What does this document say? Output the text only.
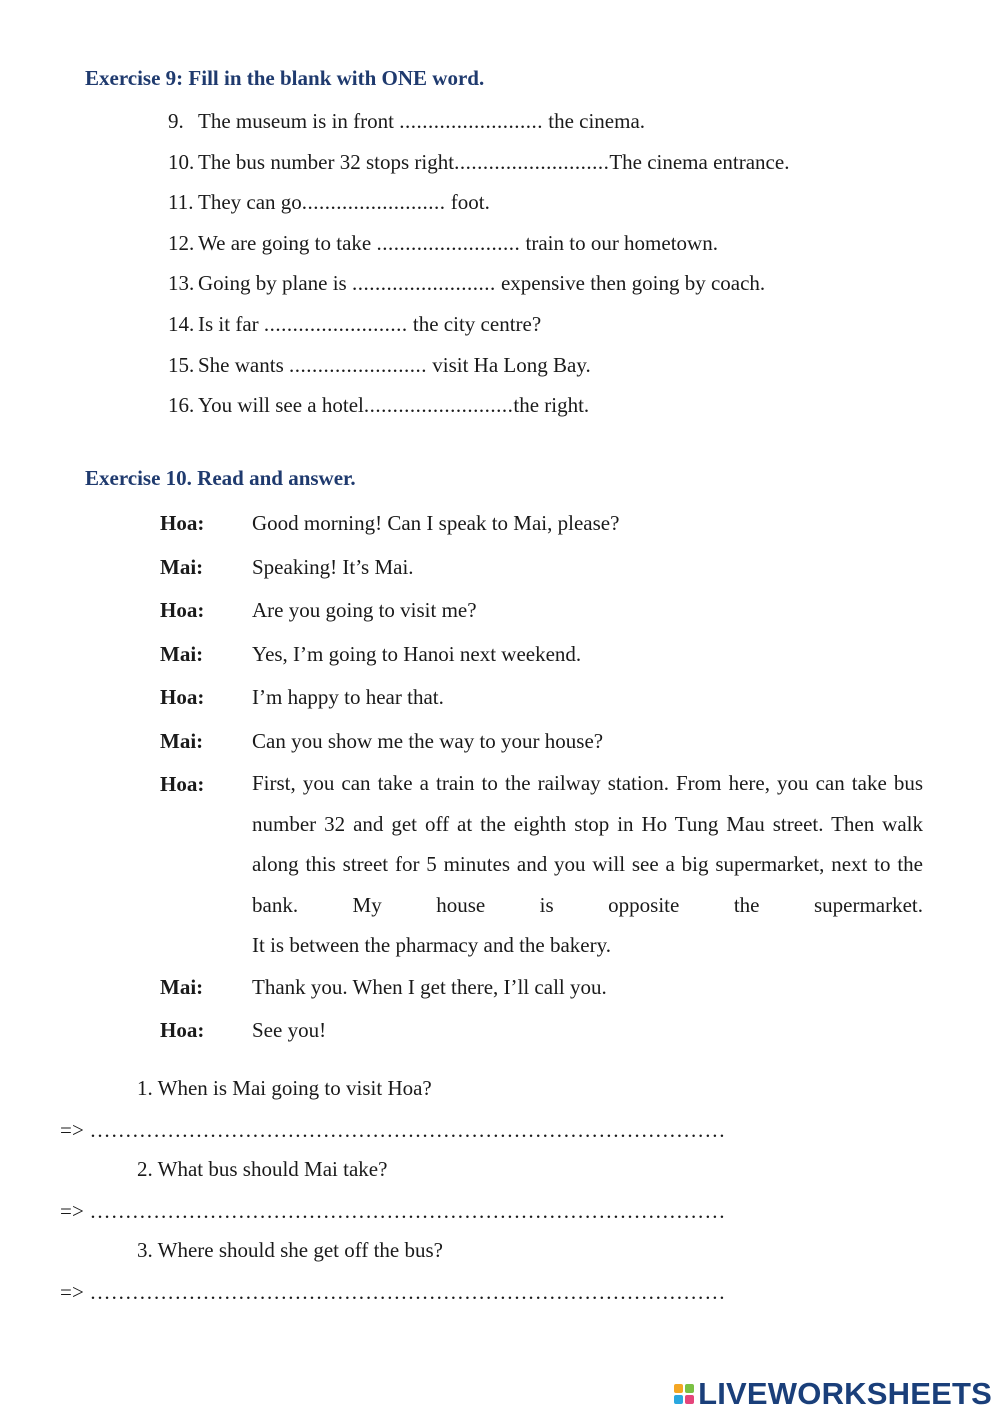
Exercise 9: Fill in the blank with ONE word.
9. The museum is in front ......................... the cinema.
10. The bus number 32 stops right...........................The cinema entrance.
11. They can go......................... foot.
12. We are going to take ......................... train to our hometown.
13. Going by plane is ......................... expensive then going by coach.
14. Is it far ......................... the city centre?
15. She wants ........................ visit Ha Long Bay.
16. You will see a hotel..........................the right.
Exercise 10. Read and answer.
Hoa:	Good morning! Can I speak to Mai, please?
Mai:	Speaking! It’s Mai.
Hoa:	Are you going to visit me?
Mai:	Yes, I’m going to Hanoi next weekend.
Hoa:	I’m happy to hear that.
Mai:	Can you show me the way to your house?
Hoa:	First, you can take a train to the railway station. From here, you can take bus number 32 and get off at the eighth stop in Ho Tung Mau street. Then walk along this street for 5 minutes and you will see a big supermarket, next to the bank. My house is opposite the supermarket.
It is between the pharmacy and the bakery.
Mai:	Thank you. When I get there, I’ll call you.
Hoa:	See you!

1. When is Mai going to visit Hoa?

=> ………………………………………………………………………………

2. What bus should Mai take?

=> ………………………………………………………………………………

3. Where should she get off the bus?

=> ………………………………………………………………………………

LIVEWORKSHEETS
